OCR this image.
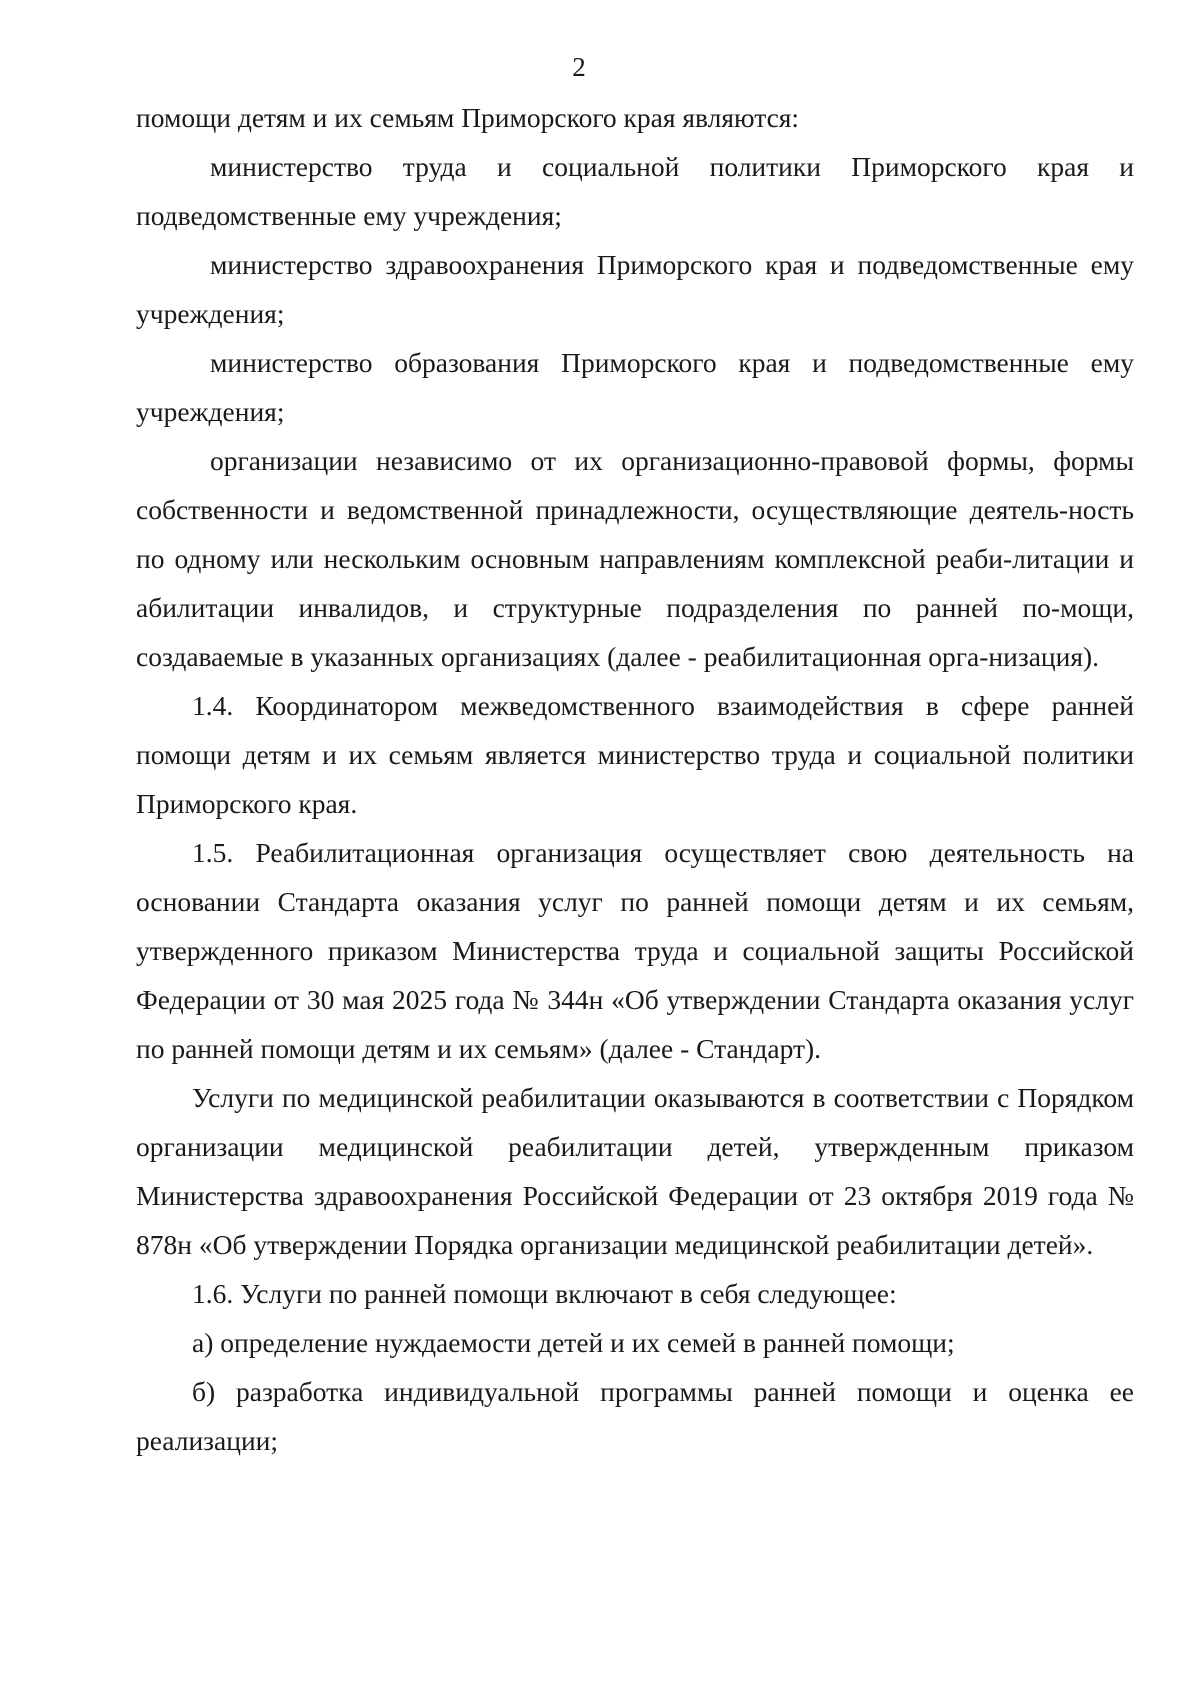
2

помощи детям и их семьям Приморского края являются:

министерство труда и социальной политики Приморского края и подведомственные ему учреждения;

министерство здравоохранения Приморского края и подведомственные ему учреждения;

министерство образования Приморского края и подведомственные ему учреждения;

организации независимо от их организационно-правовой формы, формы собственности и ведомственной принадлежности, осуществляющие деятель-ность по одному или нескольким основным направлениям комплексной реаби-литации и абилитации инвалидов, и структурные подразделения по ранней по-мощи, создаваемые в указанных организациях (далее - реабилитационная орга-низация).

1.4. Координатором межведомственного взаимодействия в сфере ранней помощи детям и их семьям является министерство труда и социальной политики Приморского края.

1.5. Реабилитационная организация осуществляет свою деятельность на основании Стандарта оказания услуг по ранней помощи детям и их семьям, утвержденного приказом Министерства труда и социальной защиты Российской Федерации от 30 мая 2025 года № 344н «Об утверждении Стандарта оказания услуг по ранней помощи детям и их семьям» (далее - Стандарт).

Услуги по медицинской реабилитации оказываются в соответствии с Порядком организации медицинской реабилитации детей, утвержденным приказом Министерства здравоохранения Российской Федерации от 23 октября 2019 года № 878н «Об утверждении Порядка организации медицинской реабилитации детей».

1.6. Услуги по ранней помощи включают в себя следующее:

а) определение нуждаемости детей и их семей в ранней помощи;

б) разработка индивидуальной программы ранней помощи и оценка ее реализации;
